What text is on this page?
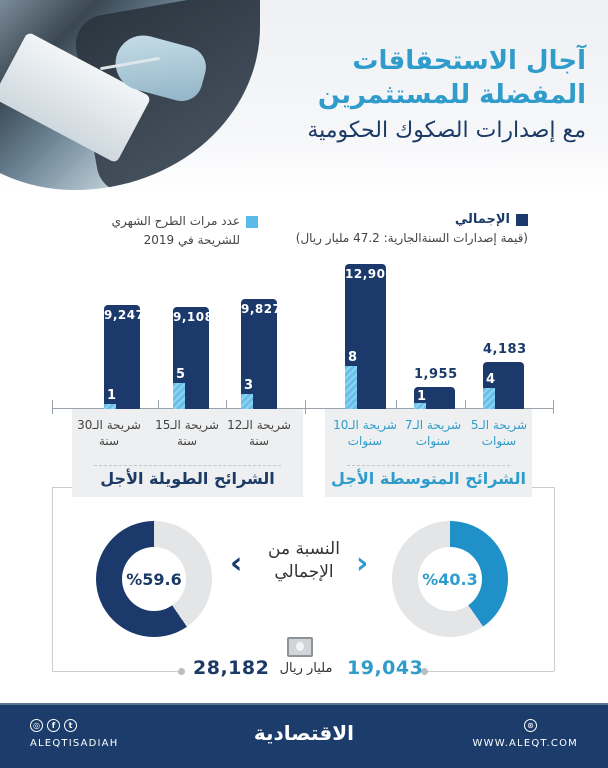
آجال الاستحقاقات
المفضلة للمستثمرين
مع إصدارات الصكوك الحكومية
الإجمالي
(قيمة إصدارات السنةالجارية: 47.2 مليار ريال)
عدد مرات الطرح الشهري
للشريحة في 2019
9,247
1
9,108
5
9,827
3
12,905
8
1,955
1
4,183
4
شريحة الـ30
سنة
شريحة الـ15
سنة
شريحة الـ12
سنة
الشرائح الطويلة الأجل
شريحة الـ10
سنوات
شريحة الـ7
سنوات
شريحة الـ5
سنوات
الشرائح المتوسطة الأجل
%59.6	%40.3
‹	النسبة من الإجمالي ›
28,182 مليار ريال 19,043
◎	f	t
ALEQTISADIAH	الاقتصادية	⊛
WWW.ALEQT.COM
